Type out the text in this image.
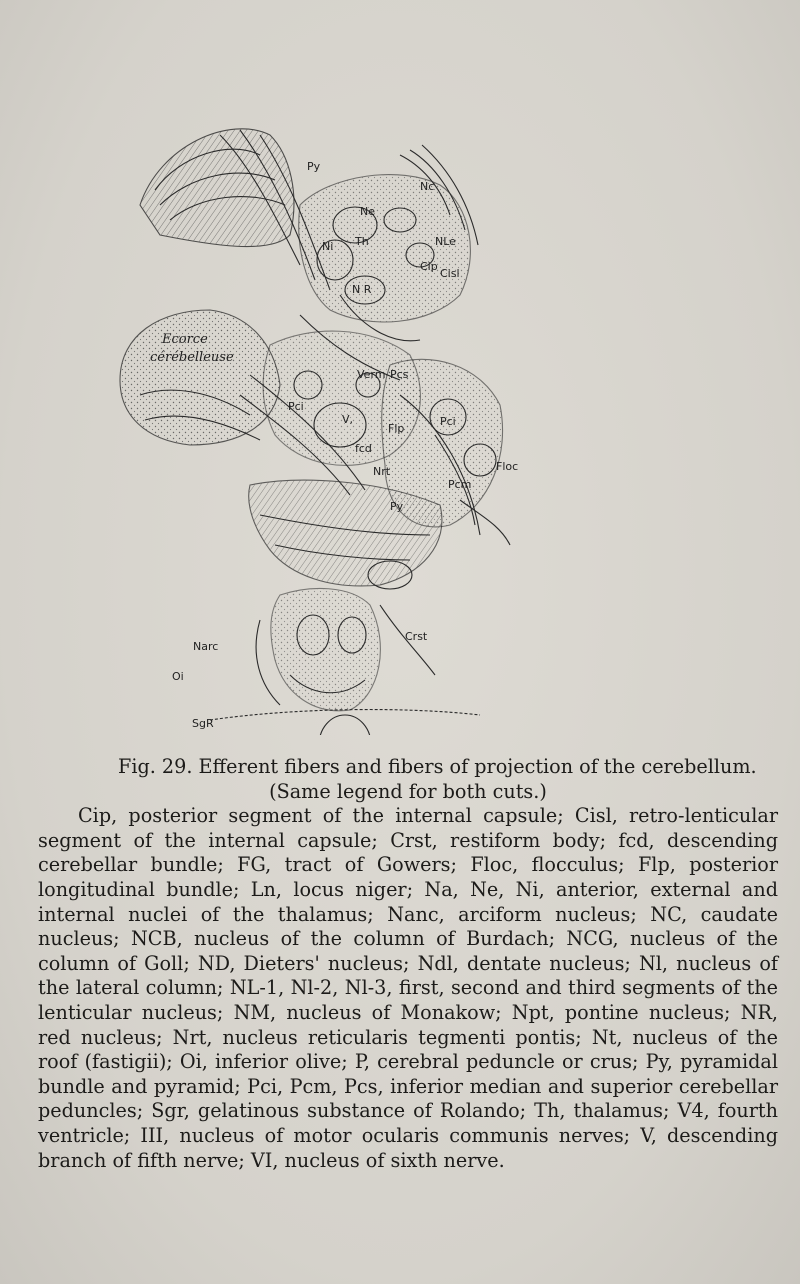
Ecorce
cérébelleuse
Py
Nc
Ne
Ni Th	NLe
Cip
Cisl
N R
Verm Pcs
V,
Pci
Pci
fcd
Flp
Nrt
Pcm
Py
Floc
Narc
Crst
Oi
SgR

Fig. 29. Efferent fibers and fibers of projection of the cerebellum.

(Same legend for both cuts.)

Cip, posterior segment of the internal capsule; Cisl, retro-lenticular segment of the internal capsule; Crst, restiform body; fcd, descending cerebellar bundle; FG, tract of Gowers; Floc, flocculus; Flp, posterior longitudinal bundle; Ln, locus niger; Na, Ne, Ni, anterior, external and internal nuclei of the thalamus; Nanc, arciform nucleus; NC, caudate nucleus; NCB, nucleus of the column of Burdach; NCG, nucleus of the column of Goll; ND, Dieters' nucleus; Ndl, dentate nucleus; Nl, nucleus of the lateral column; NL-1, Nl-2, Nl-3, first, second and third segments of the lenticular nucleus; NM, nucleus of Monakow; Npt, pontine nucleus; NR, red nucleus; Nrt, nucleus reticularis tegmenti pontis; Nt, nucleus of the roof (fastigii); Oi, inferior olive; P, cerebral peduncle or crus; Py, pyramidal bundle and pyramid; Pci, Pcm, Pcs, inferior median and superior cerebellar peduncles; Sgr, gelatinous substance of Rolando; Th, thalamus; V4, fourth ventricle; III, nucleus of motor ocularis communis nerves; V, descending branch of fifth nerve; VI, nucleus of sixth nerve.
